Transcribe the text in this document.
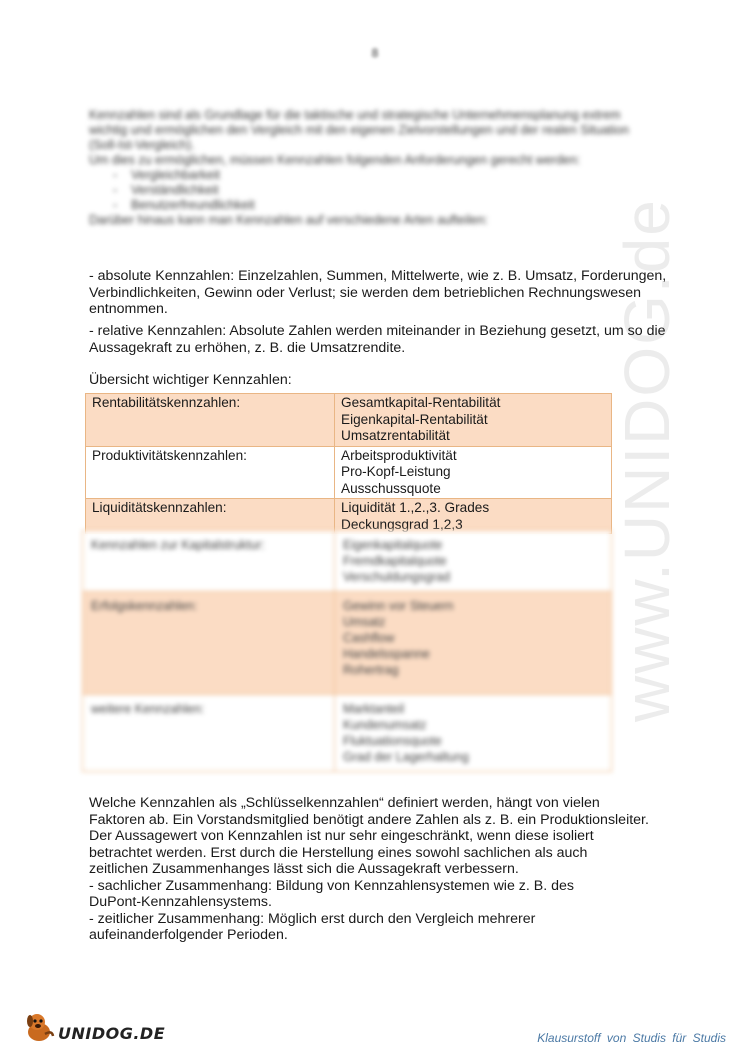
8
www.UNIDOG.de

Kennzahlen sind als Grundlage für die taktische und strategische Unternehmensplanung extrem wichtig und ermöglichen den Vergleich mit den eigenen Zielvorstellungen und der realen Situation (Soll-Ist-Vergleich).

Um dies zu ermöglichen, müssen Kennzahlen folgenden Anforderungen gerecht werden:

- Vergleichbarkeit
- Verständlichkeit
- Benutzerfreundlichkeit

Darüber hinaus kann man Kennzahlen auf verschiedene Arten aufteilen:

- absolute Kennzahlen: Einzelzahlen, Summen, Mittelwerte, wie z. B. Umsatz, Forderungen, Verbindlichkeiten, Gewinn oder Verlust; sie werden dem betrieblichen Rechnungswesen entnommen.

- relative Kennzahlen: Absolute Zahlen werden miteinander in Beziehung gesetzt, um so die Aussagekraft zu erhöhen, z. B. die Umsatzrendite.

Übersicht wichtiger Kennzahlen:

Rentabilitätskennzahlen:	Gesamtkapital-Rentabilität
Eigenkapital-Rentabilität
Umsatzrentabilität

Produktivitätskennzahlen:	Arbeitsproduktivität
Pro-Kopf-Leistung
Ausschussquote

Liquiditätskennzahlen:	Liquidität 1.,2.,3. Grades
Deckungsgrad 1,2,3
Kennzahlen zur Kapitalstruktur:	Eigenkapitalquote
Fremdkapitalquote
Verschuldungsgrad

Erfolgskennzahlen:	Gewinn vor Steuern
Umsatz
Cashflow
Handelsspanne
Rohertrag

weitere Kennzahlen:	Marktanteil
Kundenumsatz
Fluktuationsquote
Grad der Lagerhaltung
Welche Kennzahlen als „Schlüsselkennzahlen“ definiert werden, hängt von vielen
Faktoren ab. Ein Vorstandsmitglied benötigt andere Zahlen als z. B. ein Produktionsleiter.
Der Aussagewert von Kennzahlen ist nur sehr eingeschränkt, wenn diese isoliert
betrachtet werden. Erst durch die Herstellung eines sowohl sachlichen als auch
zeitlichen Zusammenhanges lässt sich die Aussagekraft verbessern.
- sachlicher Zusammenhang: Bildung von Kennzahlensystemen wie z. B. des
DuPont-Kennzahlensystems.
- zeitlicher Zusammenhang: Möglich erst durch den Vergleich mehrerer
aufeinanderfolgender Perioden.
UNIDOG.DE	Klausurstoff von Studis für Studis
